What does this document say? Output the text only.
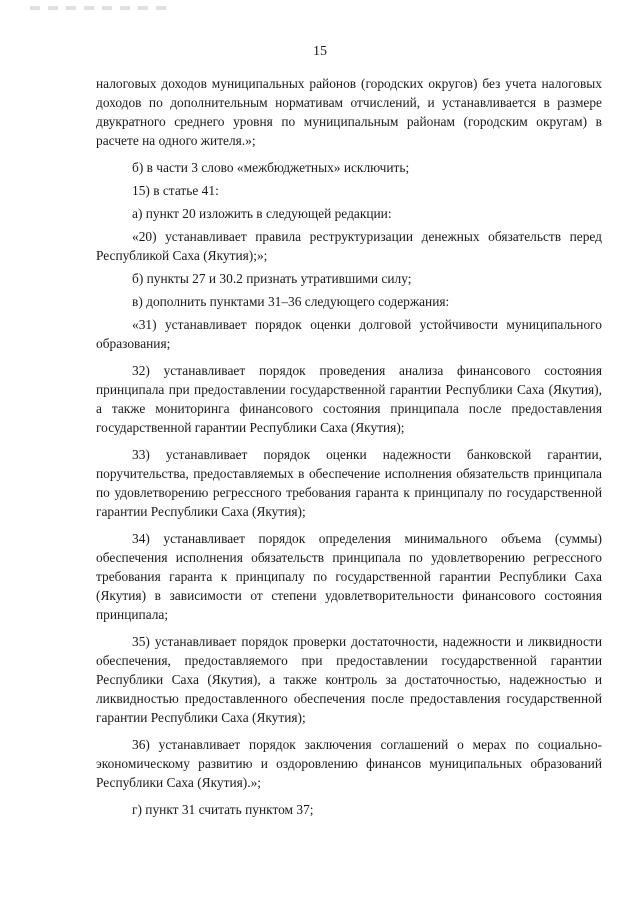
15

налоговых доходов муниципальных районов (городских округов) без учета налоговых доходов по дополнительным нормативам отчислений, и устанавливается в размере двукратного среднего уровня по муниципальным районам (городским округам) в расчете на одного жителя.»;

б) в части 3 слово «межбюджетных» исключить;

15) в статье 41:

а) пункт 20 изложить в следующей редакции:

«20) устанавливает правила реструктуризации денежных обязательств перед Республикой Саха (Якутия);»;

б) пункты 27 и 30.2 признать утратившими силу;

в) дополнить пунктами 31–36 следующего содержания:

«31) устанавливает порядок оценки долговой устойчивости муниципального образования;

32) устанавливает порядок проведения анализа финансового состояния принципала при предоставлении государственной гарантии Республики Саха (Якутия), а также мониторинга финансового состояния принципала после предоставления государственной гарантии Республики Саха (Якутия);

33) устанавливает порядок оценки надежности банковской гарантии, поручительства, предоставляемых в обеспечение исполнения обязательств принципала по удовлетворению регрессного требования гаранта к принципалу по государственной гарантии Республики Саха (Якутия);

34) устанавливает порядок определения минимального объема (суммы) обеспечения исполнения обязательств принципала по удовлетворению регрессного требования гаранта к принципалу по государственной гарантии Республики Саха (Якутия) в зависимости от степени удовлетворительности финансового состояния принципала;

35) устанавливает порядок проверки достаточности, надежности и ликвидности обеспечения, предоставляемого при предоставлении государственной гарантии Республики Саха (Якутия), а также контроль за достаточностью, надежностью и ликвидностью предоставленного обеспечения после предоставления государственной гарантии Республики Саха (Якутия);

36) устанавливает порядок заключения соглашений о мерах по социально-экономическому развитию и оздоровлению финансов муниципальных образований Республики Саха (Якутия).»;

г) пункт 31 считать пунктом 37;
